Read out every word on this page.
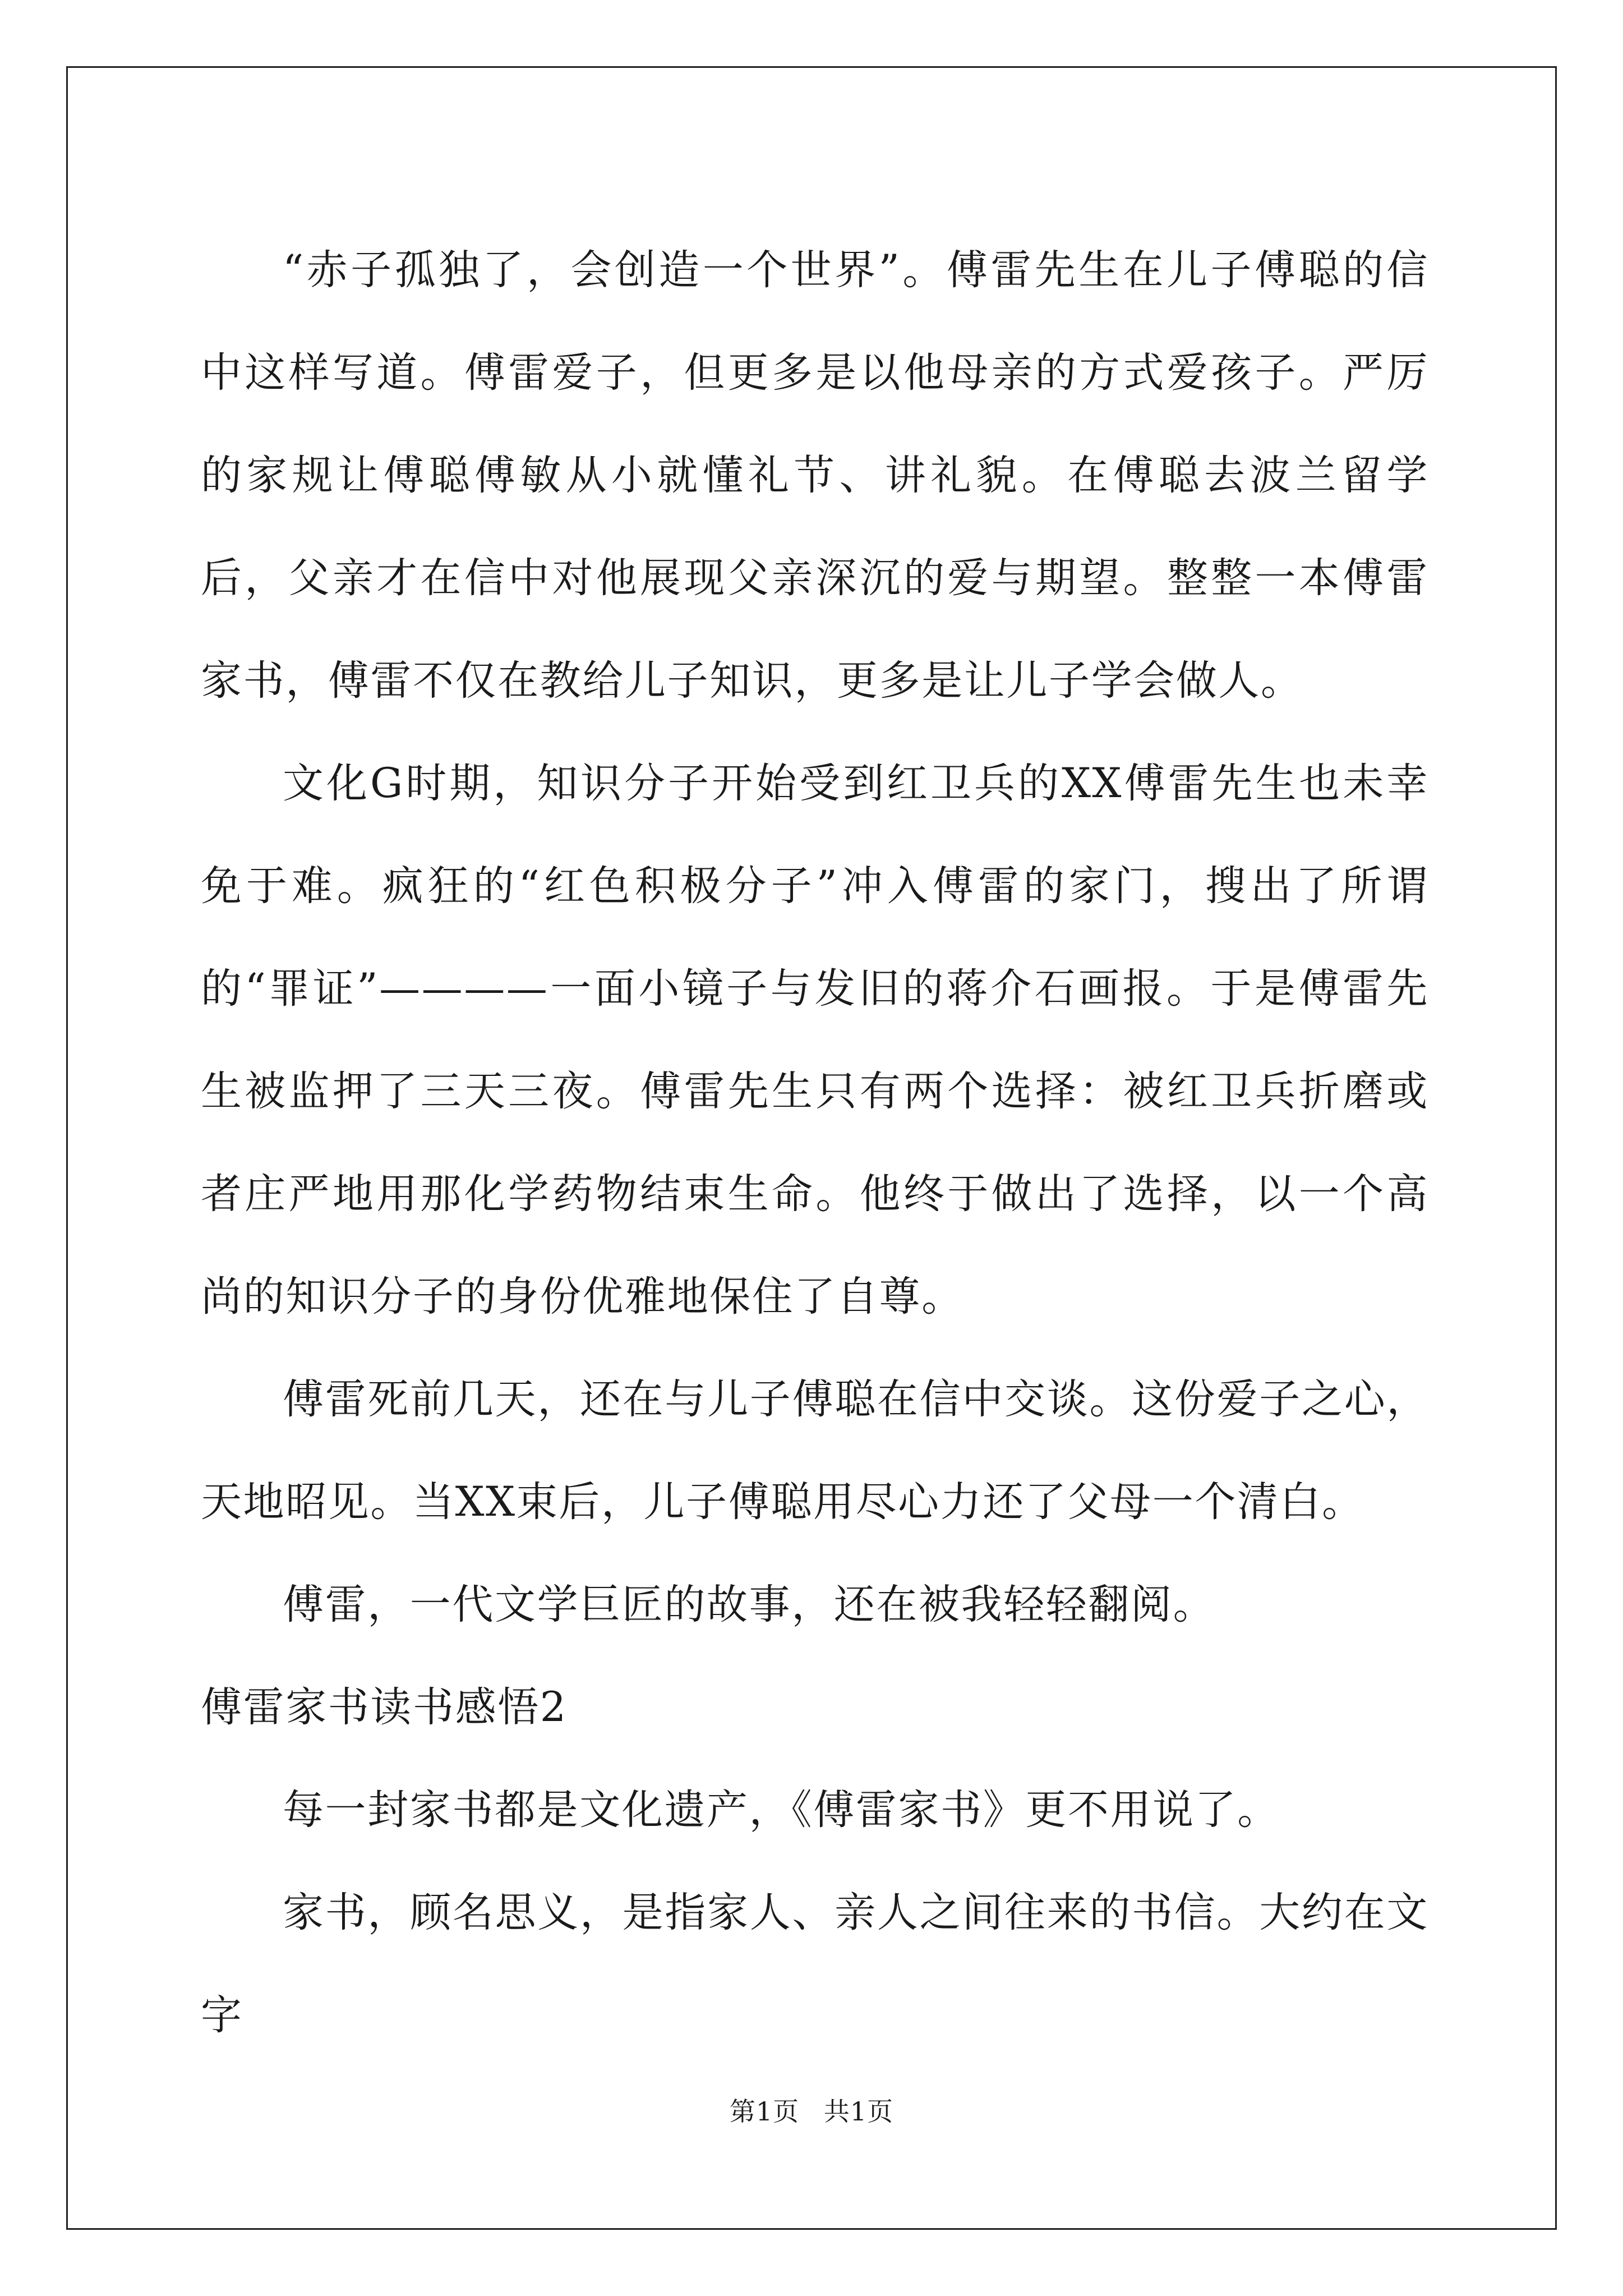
“赤子孤独了，会创造一个世界”。傅雷先生在儿子傅聪的信中这样写道。傅雷爱子，但更多是以他母亲的方式爱孩子。严厉的家规让傅聪傅敏从小就懂礼节、讲礼貌。在傅聪去波兰留学后，父亲才在信中对他展现父亲深沉的爱与期望。整整一本傅雷家书，傅雷不仅在教给儿子知识，更多是让儿子学会做人。

文化G时期，知识分子开始受到红卫兵的XX傅雷先生也未幸免于难。疯狂的“红色积极分子”冲入傅雷的家门，搜出了所谓的“罪证”————一面小镜子与发旧的蒋介石画报。于是傅雷先生被监押了三天三夜。傅雷先生只有两个选择：被红卫兵折磨或者庄严地用那化学药物结束生命。他终于做出了选择，以一个高尚的知识分子的身份优雅地保住了自尊。

傅雷死前几天，还在与儿子傅聪在信中交谈。这份爱子之心，天地昭见。当XX束后，儿子傅聪用尽心力还了父母一个清白。

傅雷，一代文学巨匠的故事，还在被我轻轻翻阅。

傅雷家书读书感悟2

每一封家书都是文化遗产，《傅雷家书》更不用说了。

家书，顾名思义，是指家人、亲人之间往来的书信。大约在文字

第1页 共1页
